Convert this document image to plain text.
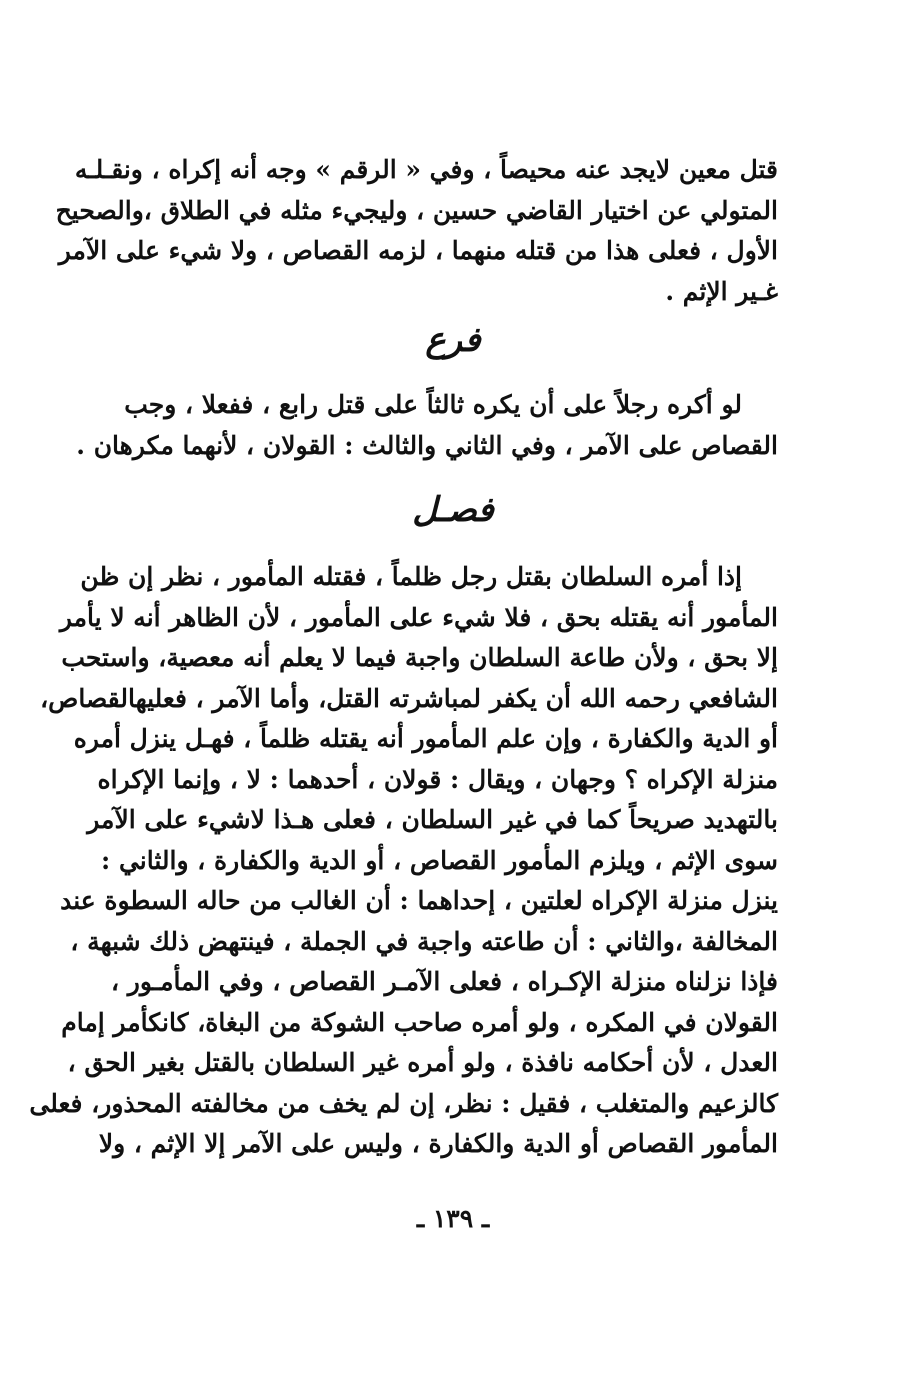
قتل معين لايجد عنه محيصاً ، وفي « الرقم » وجه أنه إكراه ، ونقـلـه
المتولي عن اختيار القاضي حسين ، وليجيء مثله في الطلاق ،والصحيح
الأول ، فعلى هذا من قتله منهما ، لزمه القصاص ، ولا شيء على الآمر
غـير الإثم .
فرع
لو أكره رجلاً على أن يكره ثالثاً على قتل رابع ، ففعلا ، وجب
القصاص على الآمر ، وفي الثاني والثالث : القولان ، لأنهما مكرهان .
فصـل
إذا أمره السلطان بقتل رجل ظلماً ، فقتله المأمور ، نظر إن ظن
المأمور أنه يقتله بحق ، فلا شيء على المأمور ، لأن الظاهر أنه لا يأمر
إلا بحق ، ولأن طاعة السلطان واجبة فيما لا يعلم أنه معصية، واستحب
الشافعي رحمه الله أن يكفر لمباشرته القتل، وأما الآمر ، فعليهالقصاص،
أو الدية والكفارة ، وإن علم المأمور أنه يقتله ظلماً ، فهـل ينزل أمره
منزلة الإكراه ؟ وجهان ، ويقال : قولان ، أحدهما : لا ، وإنما الإكراه
بالتهديد صريحاً كما في غير السلطان ، فعلى هـذا لاشيء على الآمر
سوى الإثم ، ويلزم المأمور القصاص ، أو الدية والكفارة ، والثاني :
ينزل منزلة الإكراه لعلتين ، إحداهما : أن الغالب من حاله السطوة عند
المخالفة ،والثاني : أن طاعته واجبة في الجملة ، فينتهض ذلك شبهة ،
فإذا نزلناه منزلة الإكـراه ، فعلى الآمـر القصاص ، وفي المأمـور ،
القولان في المكره ، ولو أمره صاحب الشوكة من البغاة، كانكأمر إمام
العدل ، لأن أحكامه نافذة ، ولو أمره غير السلطان بالقتل بغير الحق ،
كالزعيم والمتغلب ، فقيل : نظر، إن لم يخف من مخالفته المحذور، فعلى
المأمور القصاص أو الدية والكفارة ، وليس على الآمر إلا الإثم ، ولا
ـ ١٣٩ ـ
